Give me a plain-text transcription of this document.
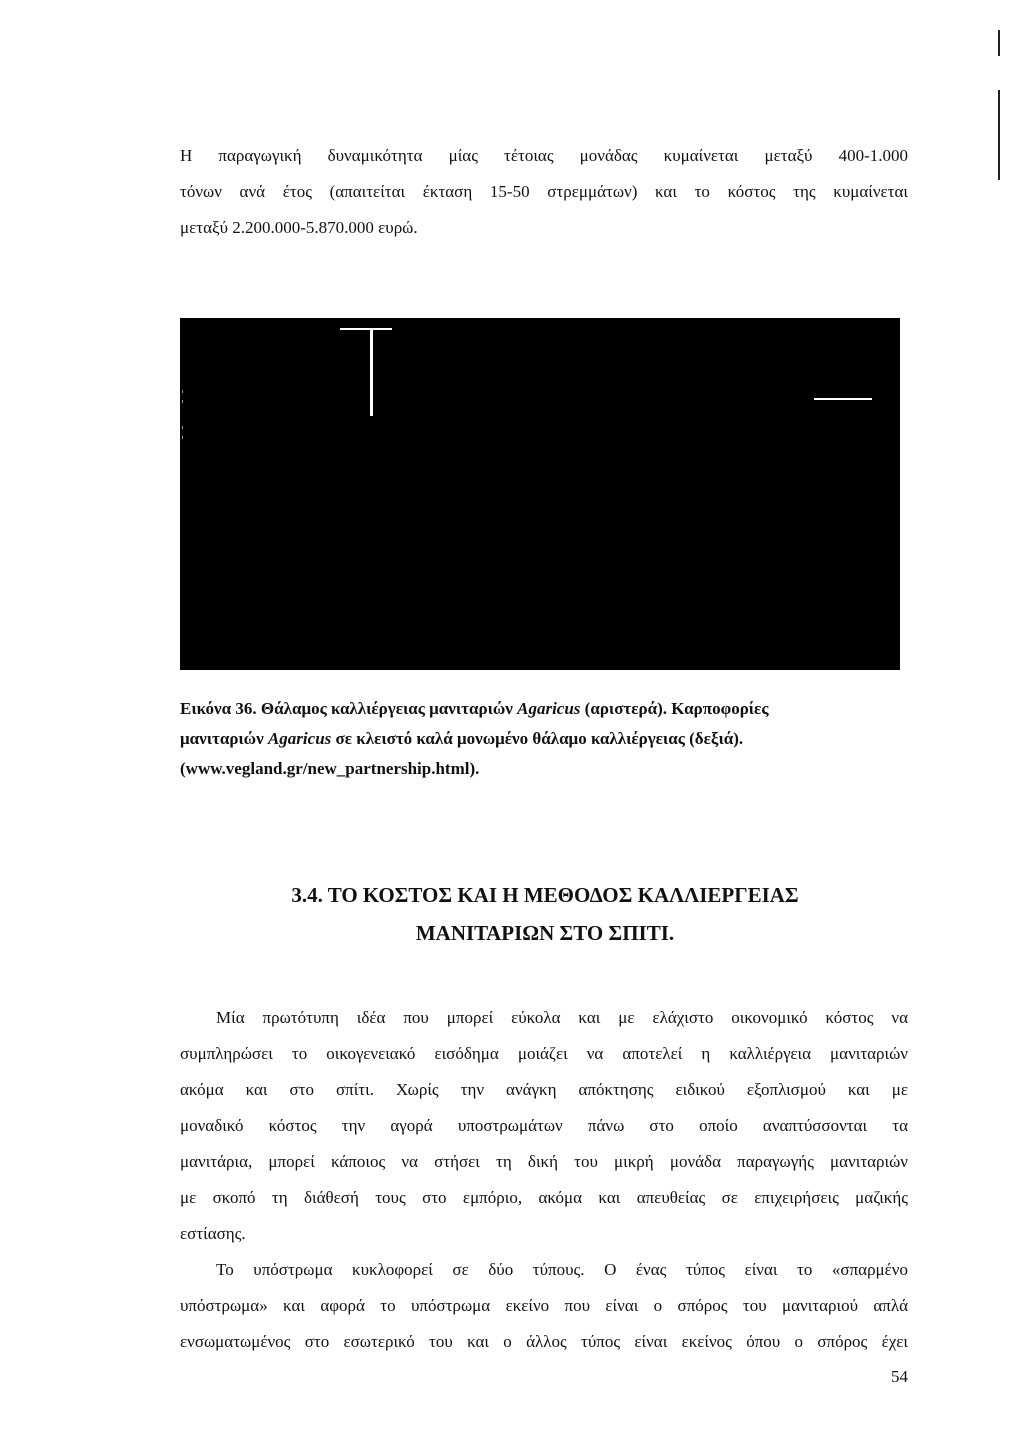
Η παραγωγική δυναμικότητα μίας τέτοιας μονάδας κυμαίνεται μεταξύ 400-1.000
τόνων ανά έτος (απαιτείται έκταση 15-50 στρεμμάτων) και το κόστος της κυμαίνεται
μεταξύ 2.200.000-5.870.000 ευρώ.

Εικόνα 36. Θάλαμος καλλιέργειας μανιταριών Agaricus (αριστερά). Καρποφορίες
μανιταριών Agaricus σε κλειστό καλά μονωμένο θάλαμο καλλιέργειας (δεξιά).
(www.vegland.gr/new_partnership.html).

3.4. ΤΟ ΚΟΣΤΟΣ ΚΑΙ Η ΜΕΘΟΔΟΣ ΚΑΛΛΙΕΡΓΕΙΑΣ
ΜΑΝΙΤΑΡΙΩΝ ΣΤΟ ΣΠΙΤΙ.
Μία πρωτότυπη ιδέα που μπορεί εύκολα και με ελάχιστο οικονομικό κόστος να
συμπληρώσει το οικογενειακό εισόδημα μοιάζει να αποτελεί η καλλιέργεια μανιταριών
ακόμα και στο σπίτι. Χωρίς την ανάγκη απόκτησης ειδικού εξοπλισμού και με
μοναδικό κόστος την αγορά υποστρωμάτων πάνω στο οποίο αναπτύσσονται τα
μανιτάρια, μπορεί κάποιος να στήσει τη δική του μικρή μονάδα παραγωγής μανιταριών
με σκοπό τη διάθεσή τους στο εμπόριο, ακόμα και απευθείας σε επιχειρήσεις μαζικής
εστίασης.
Το υπόστρωμα κυκλοφορεί σε δύο τύπους. Ο ένας τύπος είναι το «σπαρμένο
υπόστρωμα» και αφορά το υπόστρωμα εκείνο που είναι ο σπόρος του μανιταριού απλά
ενσωματωμένος στο εσωτερικό του και ο άλλος τύπος είναι εκείνος όπου ο σπόρος έχει
54
